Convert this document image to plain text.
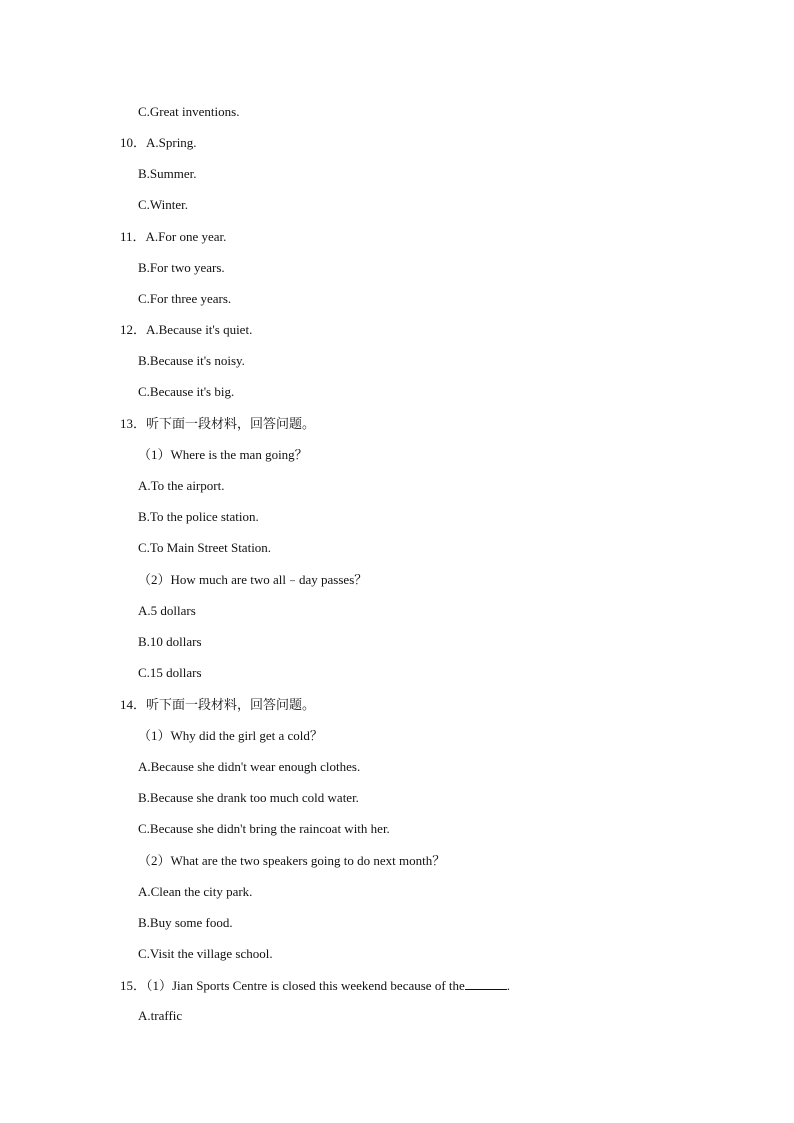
C.Great inventions.
10．A.Spring.
B.Summer.
C.Winter.
11．A.For one year.
B.For two years.
C.For three years.
12．A.Because it's quiet.
B.Because it's noisy.
C.Because it's big.
13．听下面一段材料，回答问题。
（1）Where is the man going？
A.To the airport.
B.To the police station.
C.To Main Street Station.
（2）How much are two all﹣day passes？
A.5 dollars
B.10 dollars
C.15 dollars
14．听下面一段材料，回答问题。
（1）Why did the girl get a cold？
A.Because she didn't wear enough clothes.
B.Because she drank too much cold water.
C.Because she didn't bring the raincoat with her.
（2）What are the two speakers going to do next month？
A.Clean the city park.
B.Buy some food.
C.Visit the village school.
15．（1）Jian Sports Centre is closed this weekend because of the	.
A.traffic
